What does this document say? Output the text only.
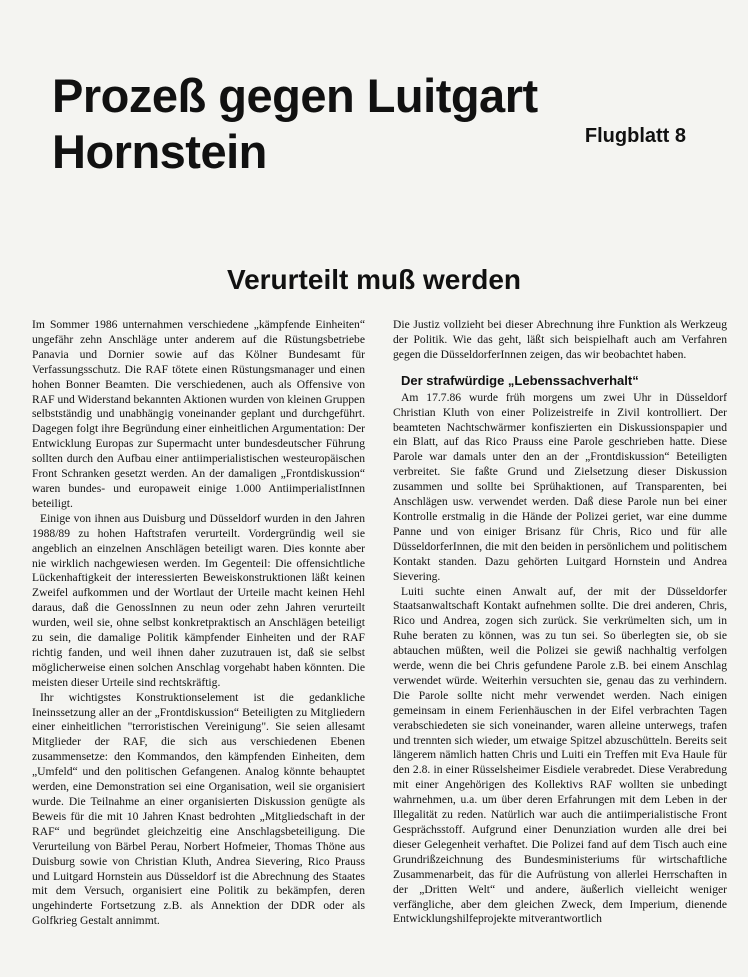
Prozeß gegen Luitgart Hornstein	Flugblatt 8
Verurteilt muß werden

Im Sommer 1986 unternahmen verschiedene „kämpfende Einheiten“ ungefähr zehn Anschläge unter anderem auf die Rüstungsbetriebe Panavia und Dornier sowie auf das Kölner Bundesamt für Verfassungsschutz. Die RAF tötete einen Rüstungsmanager und einen hohen Bonner Beamten. Die verschiedenen, auch als Offensive von RAF und Widerstand bekannten Aktionen wurden von kleinen Gruppen selbstständig und unabhängig voneinander geplant und durchgeführt. Dagegen folgt ihre Begründung einer einheitlichen Argumentation: Der Entwicklung Europas zur Supermacht unter bundesdeutscher Führung sollten durch den Aufbau einer antiimperialistischen westeuropäischen Front Schranken gesetzt werden. An der damaligen „Frontdiskussion“ waren bundes- und europaweit einige 1.000 AntiimperialistInnen beteiligt.

Einige von ihnen aus Duisburg und Düsseldorf wurden in den Jahren 1988/89 zu hohen Haftstrafen verurteilt. Vordergründig weil sie angeblich an einzelnen Anschlägen beteiligt waren. Dies konnte aber nie wirklich nachgewiesen werden. Im Gegenteil: Die offensichtliche Lückenhaftigkeit der interessierten Beweiskonstruktionen läßt keinen Zweifel aufkommen und der Wortlaut der Urteile macht keinen Hehl daraus, daß die GenossInnen zu neun oder zehn Jahren verurteilt wurden, weil sie, ohne selbst konkretpraktisch an Anschlägen beteiligt zu sein, die damalige Politik kämpfender Einheiten und der RAF richtig fanden, und weil ihnen daher zuzutrauen ist, daß sie selbst möglicherweise einen solchen Anschlag vorgehabt haben könnten. Die meisten dieser Urteile sind rechtskräftig.

Ihr wichtigstes Konstruktionselement ist die gedankliche Ineinssetzung aller an der „Frontdiskussion“ Beteiligten zu Mitgliedern einer einheitlichen "terroristischen Vereinigung". Sie seien allesamt Mitglieder der RAF, die sich aus verschiedenen Ebenen zusammensetze: den Kommandos, den kämpfenden Einheiten, dem „Umfeld“ und den politischen Gefangenen. Analog könnte behauptet werden, eine Demonstration sei eine Organisation, weil sie organisiert wurde. Die Teilnahme an einer organisierten Diskussion genügte als Beweis für die mit 10 Jahren Knast bedrohten „Mitgliedschaft in der RAF“ und begründet gleichzeitig eine Anschlagsbeteiligung. Die Verurteilung von Bärbel Perau, Norbert Hofmeier, Thomas Thöne aus Duisburg sowie von Christian Kluth, Andrea Sievering, Rico Prauss und Luitgard Hornstein aus Düsseldorf ist die Abrechnung des Staates mit dem Versuch, organisiert eine Politik zu bekämpfen, deren ungehinderte Fortsetzung z.B. als Annektion der DDR oder als Golfkrieg Gestalt annimmt.

Die Justiz vollzieht bei dieser Abrechnung ihre Funktion als Werkzeug der Politik. Wie das geht, läßt sich beispielhaft auch am Verfahren gegen die DüsseldorferInnen zeigen, das wir beobachtet haben.

Der strafwürdige „Lebenssachverhalt“

Am 17.7.86 wurde früh morgens um zwei Uhr in Düsseldorf Christian Kluth von einer Polizeistreife in Zivil kontrolliert. Der beamteten Nachtschwärmer konfiszierten ein Diskussionspapier und ein Blatt, auf das Rico Prauss eine Parole geschrieben hatte. Diese Parole war damals unter den an der „Frontdiskussion“ Beteiligten verbreitet. Sie faßte Grund und Zielsetzung dieser Diskussion zusammen und sollte bei Sprühaktionen, auf Transparenten, bei Anschlägen usw. verwendet werden. Daß diese Parole nun bei einer Kontrolle erstmalig in die Hände der Polizei geriet, war eine dumme Panne und von einiger Brisanz für Chris, Rico und für alle DüsseldorferInnen, die mit den beiden in persönlichem und politischem Kontakt standen. Dazu gehörten Luitgard Hornstein und Andrea Sievering.

Luiti suchte einen Anwalt auf, der mit der Düsseldorfer Staatsanwaltschaft Kontakt aufnehmen sollte. Die drei anderen, Chris, Rico und Andrea, zogen sich zurück. Sie verkrümelten sich, um in Ruhe beraten zu können, was zu tun sei. So überlegten sie, ob sie abtauchen müßten, weil die Polizei sie gewiß nachhaltig verfolgen werde, wenn die bei Chris gefundene Parole z.B. bei einem Anschlag verwendet würde. Weiterhin versuchten sie, genau das zu verhindern. Die Parole sollte nicht mehr verwendet werden. Nach einigen gemeinsam in einem Ferienhäuschen in der Eifel verbrachten Tagen verabschiedeten sie sich voneinander, waren alleine unterwegs, trafen und trennten sich wieder, um etwaige Spitzel abzuschütteln. Bereits seit längerem nämlich hatten Chris und Luiti ein Treffen mit Eva Haule für den 2.8. in einer Rüsselsheimer Eisdiele verabredet. Diese Verabredung mit einer Angehörigen des Kollektivs RAF wollten sie unbedingt wahrnehmen, u.a. um über deren Erfahrungen mit dem Leben in der Illegalität zu reden. Natürlich war auch die antiimperialistische Front Gesprächsstoff. Aufgrund einer Denunziation wurden alle drei bei dieser Gelegenheit verhaftet. Die Polizei fand auf dem Tisch auch eine Grundrißzeichnung des Bundesministeriums für wirtschaftliche Zusammenarbeit, das für die Aufrüstung von allerlei Herrschaften in der „Dritten Welt“ und andere, äußerlich vielleicht weniger verfängliche, aber dem gleichen Zweck, dem Imperium, dienende Entwicklungshilfeprojekte mitverantwortlich
